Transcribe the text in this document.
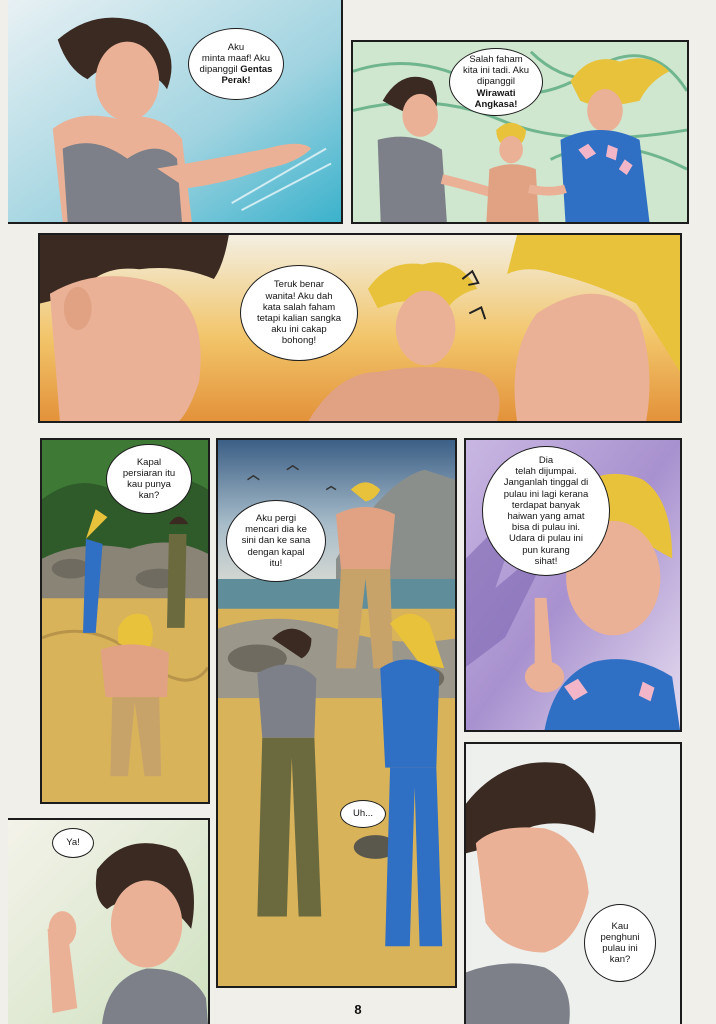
Aku
minta maaf! Aku
dipanggil Gentas
Perak!
Salah faham
kita ini tadi. Aku
dipanggil Wirawati
Angkasa!
Teruk benar
wanita! Aku dah
kata salah faham
tetapi kalian sangka
aku ini cakap
bohong!
Kapal
persiaran itu
kau punya
kan?
Aku pergi
mencari dia ke
sini dan ke sana
dengan kapal
itu!
Uh...
Dia
telah dijumpai.
Janganlah tinggal di
pulau ini lagi kerana
terdapat banyak
haiwan yang amat
bisa di pulau ini.
Udara di pulau ini
pun kurang
sihat!
Ya!
Kau
penghuni
pulau ini
kan?
8
